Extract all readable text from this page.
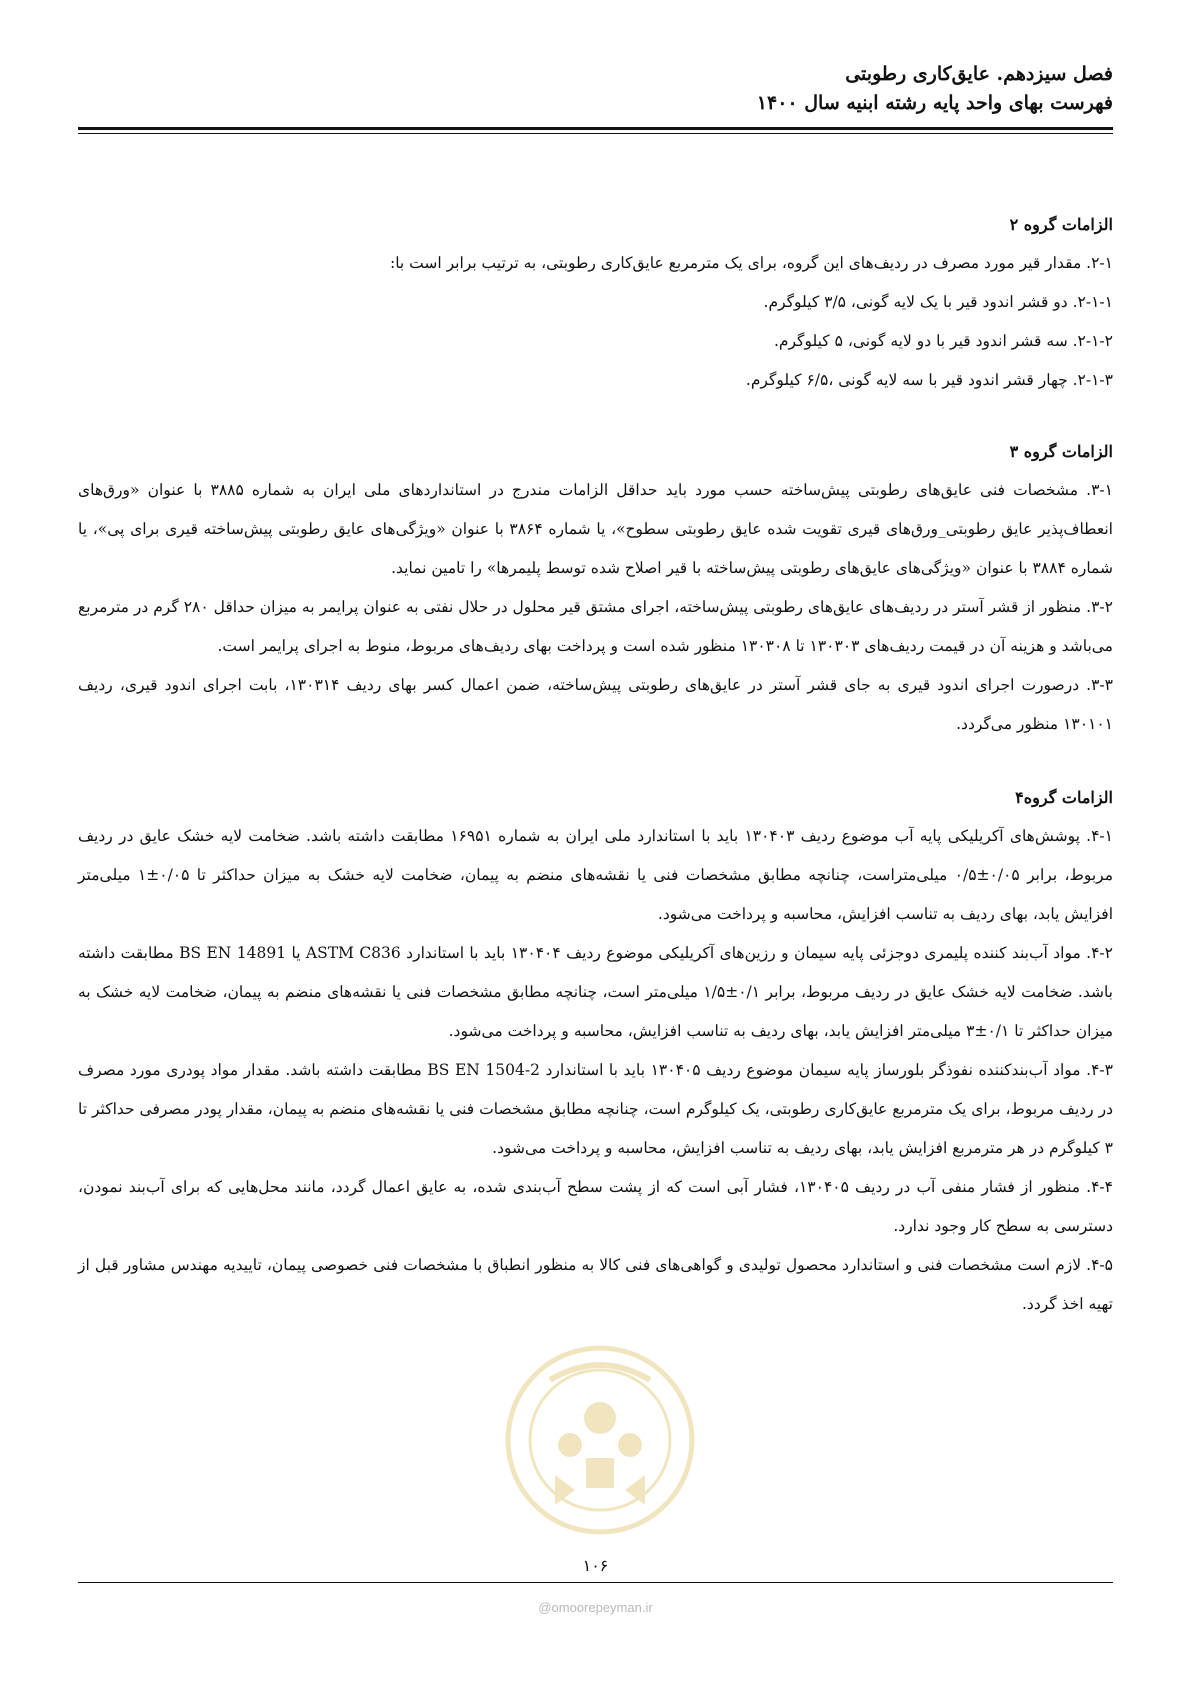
فصل سیزدهم. عایق‌کاری رطوبتی
فهرست بهای واحد پایه رشته ابنیه سال ۱۴۰۰

الزامات گروه ۲

۲-۱. مقدار قیر مورد مصرف در ردیف‌های این گروه، برای یک مترمربع عایق‌کاری رطوبتی، به ترتیب برابر است با:

۲-۱-۱. دو قشر اندود قیر با یک لایه گونی، ۳/۵ کیلوگرم.

۲-۱-۲. سه قشر اندود قیر با دو لایه گونی، ۵ کیلوگرم.

۲-۱-۳. چهار قشر اندود قیر با سه لایه گونی ،۶/۵ کیلوگرم.

الزامات گروه ۳

۳-۱. مشخصات فنی عایق‌های رطوبتی پیش‌ساخته حسب مورد باید حداقل الزامات مندرج در استانداردهای ملی ایران به شماره ۳۸۸۵ با عنوان «ورق‌های انعطاف‌پذیر عایق رطوبتی_ورق‌های قیری تقویت شده عایق رطوبتی سطوح»، یا شماره ۳۸۶۴ با عنوان «ویژگی‌های عایق رطوبتی پیش‌ساخته قیری برای پی»، یا شماره ۳۸۸۴ با عنوان «ویژگی‌های عایق‌های رطوبتی پیش‌ساخته با قیر اصلاح شده توسط پلیمرها» را تامین نماید.

۳-۲. منظور از قشر آستر در ردیف‌های عایق‌های رطوبتی پیش‌ساخته، اجرای مشتق قیر محلول در حلال نفتی به عنوان پرایمر به میزان حداقل ۲۸۰ گرم در مترمربع می‌باشد و هزینه آن در قیمت ردیف‌های ۱۳۰۳۰۳ تا ۱۳۰۳۰۸ منظور شده است و پرداخت بهای ردیف‌های مربوط، منوط به اجرای پرایمر است.

۳-۳. درصورت اجرای اندود قیری به جای قشر آستر در عایق‌های رطوبتی پیش‌ساخته، ضمن اعمال کسر بهای ردیف ۱۳۰۳۱۴، بابت اجرای اندود قیری، ردیف ۱۳۰۱۰۱ منظور می‌گردد.

الزامات گروه۴

۴-۱. پوشش‌های آکریلیکی پایه آب موضوع ردیف ۱۳۰۴۰۳ باید با استاندارد ملی ایران به شماره ۱۶۹۵۱ مطابقت داشته باشد. ضخامت لایه خشک عایق در ردیف مربوط، برابر ۰/۰۵±۰/۵ میلی‌متراست، چنانچه مطابق مشخصات فنی یا نقشه‌های منضم به پیمان، ضخامت لایه خشک به میزان حداکثر تا ۰/۰۵±۱ میلی‌متر افزایش یابد، بهای ردیف به تناسب افزایش، محاسبه و پرداخت می‌شود.

۴-۲. مواد آب‌بند کننده پلیمری دوجزئی پایه سیمان و رزین‌های آکریلیکی موضوع ردیف ۱۳۰۴۰۴ باید با استاندارد ASTM C836 یا BS EN 14891 مطابقت داشته باشد. ضخامت لایه خشک عایق در ردیف مربوط، برابر ۰/۱±۱/۵ میلی‌متر است، چنانچه مطابق مشخصات فنی یا نقشه‌های منضم به پیمان، ضخامت لایه خشک به میزان حداکثر تا ۰/۱±۳ میلی‌متر افزایش یابد، بهای ردیف به تناسب افزایش، محاسبه و پرداخت می‌شود.

۴-۳. مواد آب‌بندکننده نفوذگر بلورساز پایه سیمان موضوع ردیف ۱۳۰۴۰۵ باید با استاندارد BS EN 1504-2 مطابقت داشته باشد. مقدار مواد پودری مورد مصرف در ردیف مربوط، برای یک مترمربع عایق‌کاری رطوبتی، یک کیلوگرم است، چنانچه مطابق مشخصات فنی یا نقشه‌های منضم به پیمان، مقدار پودر مصرفی حداکثر تا ۳ کیلوگرم در هر مترمربع افزایش یابد، بهای ردیف به تناسب افزایش، محاسبه و پرداخت می‌شود.

۴-۴. منظور از فشار منفی آب در ردیف ۱۳۰۴۰۵، فشار آبی است که از پشت سطح آب‌بندی شده، به عایق اعمال گردد، مانند محل‌هایی که برای آب‌بند نمودن، دسترسی به سطح کار وجود ندارد.

۴-۵. لازم است مشخصات فنی و استاندارد محصول تولیدی و گواهی‌های فنی کالا به منظور انطباق با مشخصات فنی خصوصی پیمان، تاییدیه مهندس مشاور قبل از تهیه اخذ گردد.

۱۰۶
@omoorepeyman.ir
